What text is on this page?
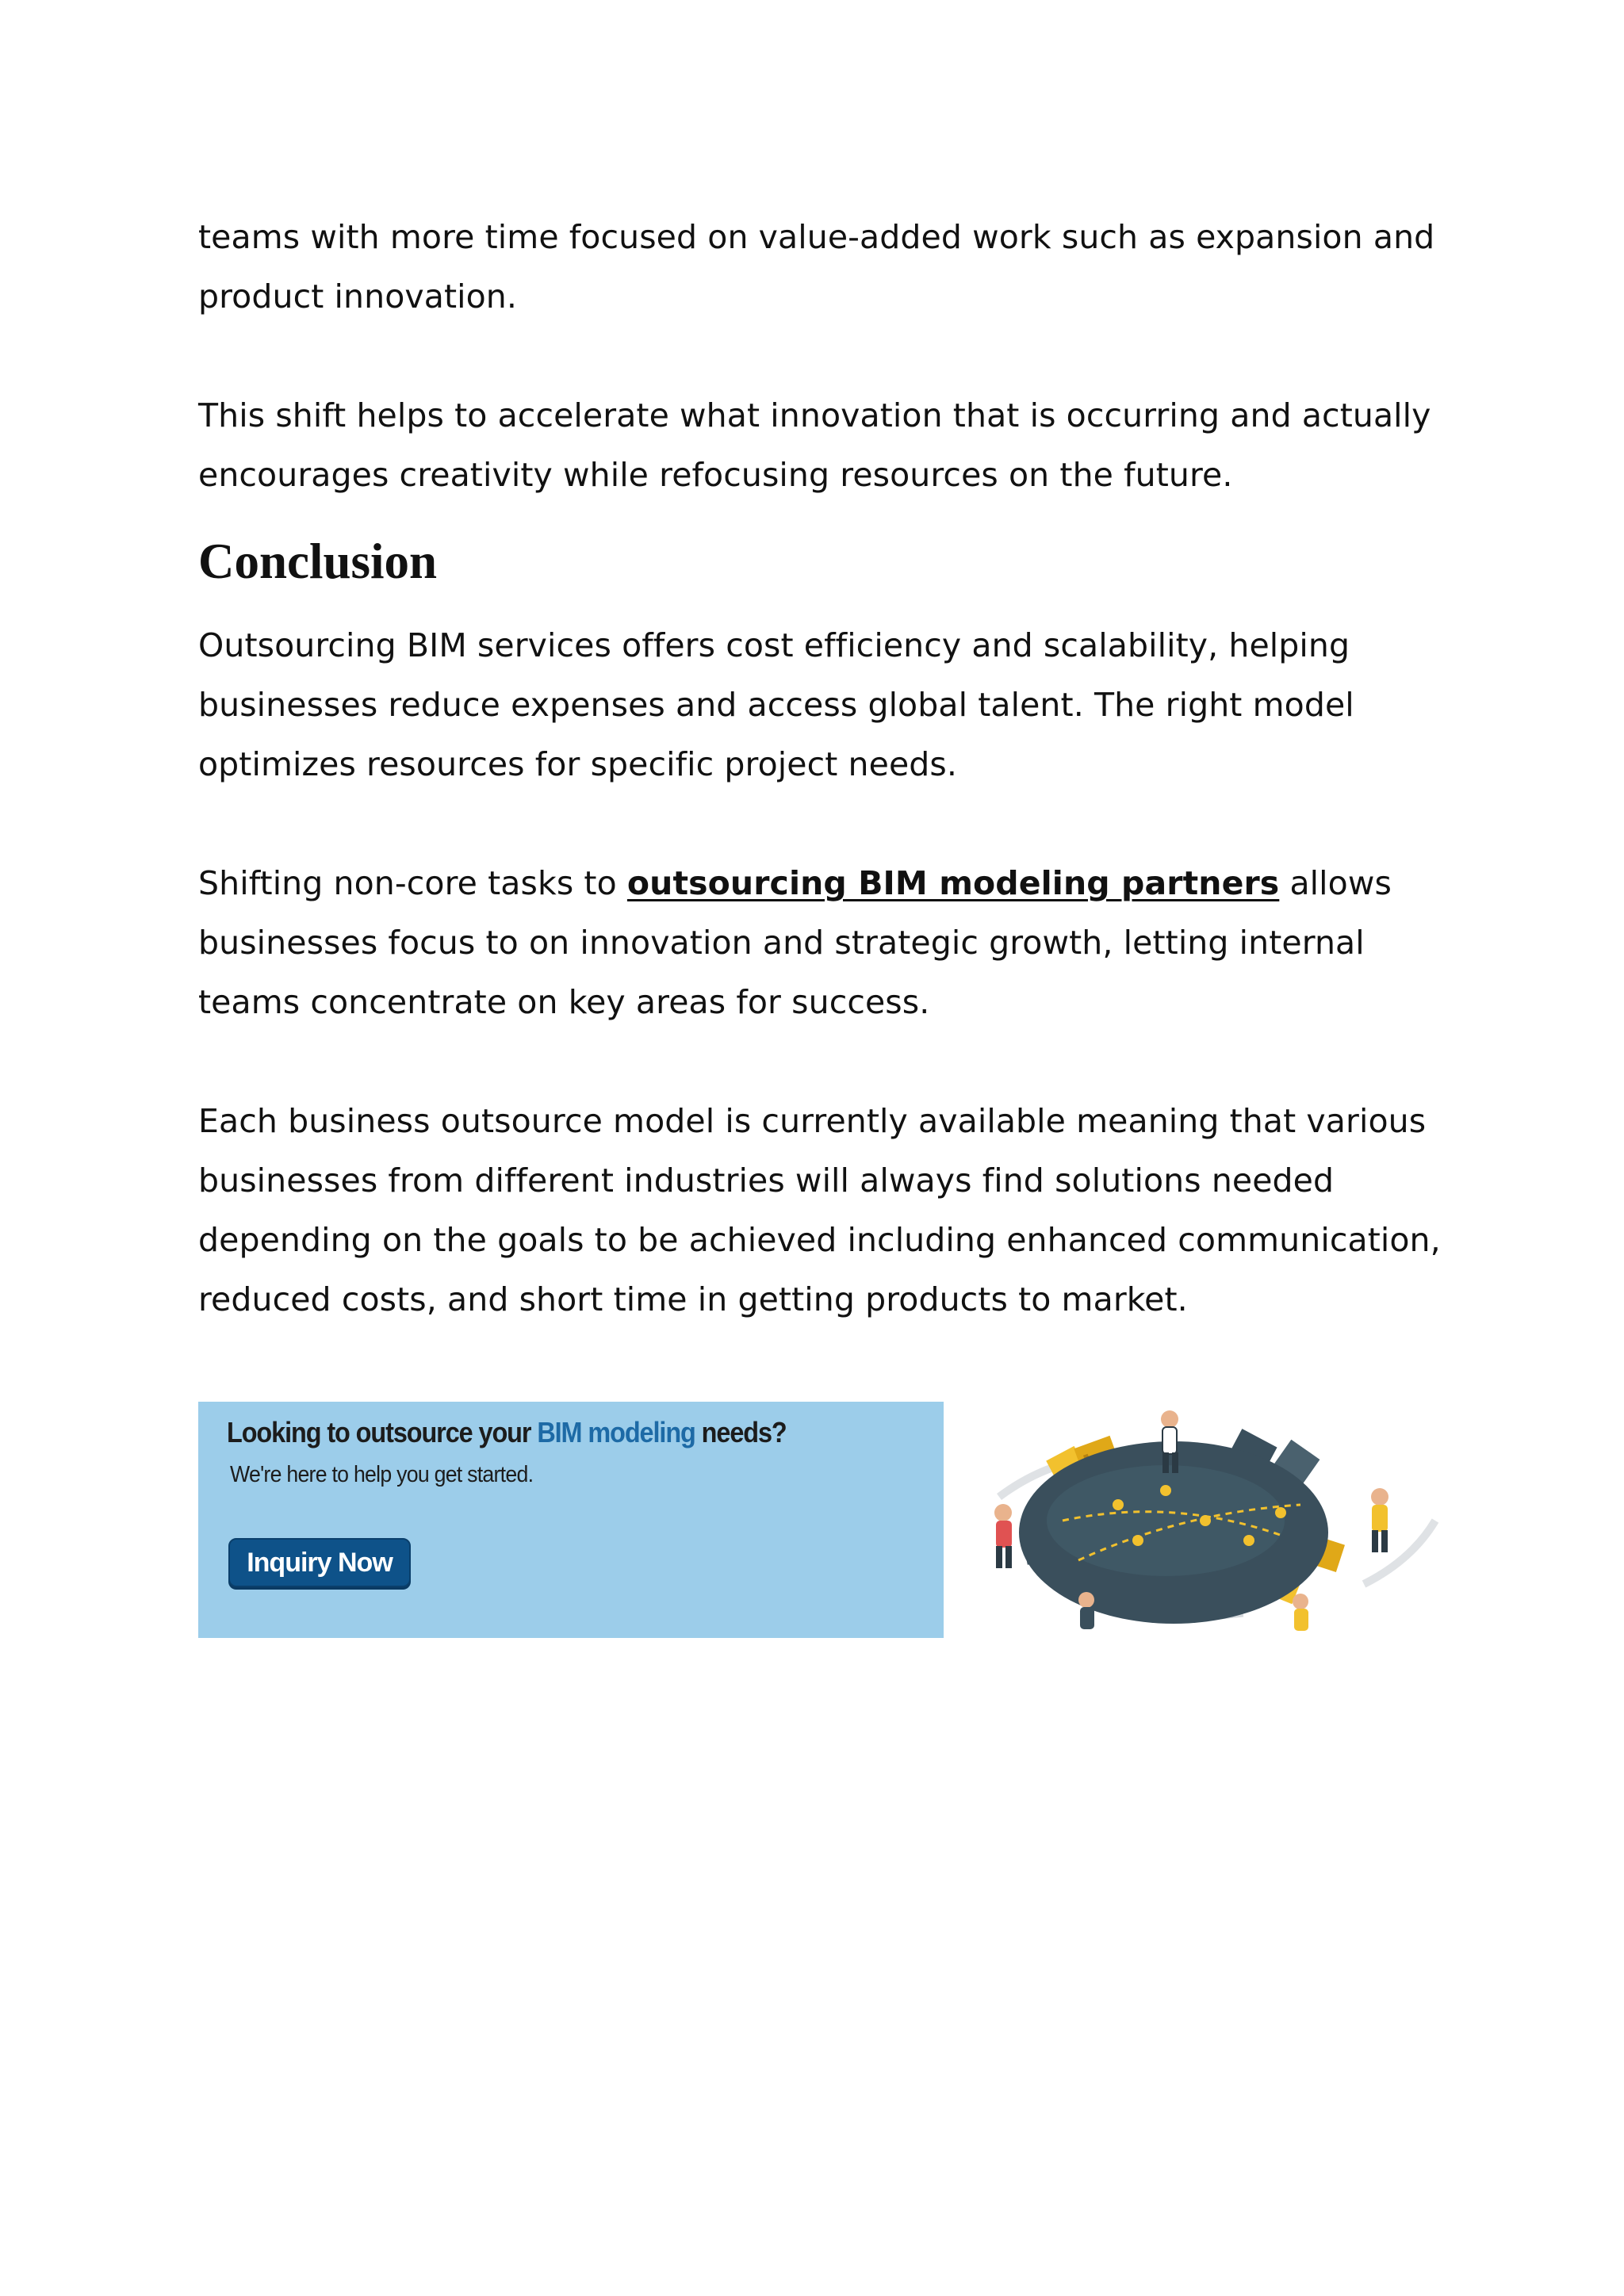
teams with more time focused on value-added work such as expansion and product innovation.

This shift helps to accelerate what innovation that is occurring and actually encourages creativity while refocusing resources on the future.

Conclusion

Outsourcing BIM services offers cost efficiency and scalability, helping businesses reduce expenses and access global talent. The right model optimizes resources for specific project needs.

Shifting non-core tasks to outsourcing BIM modeling partners allows businesses focus to on innovation and strategic growth, letting internal teams concentrate on key areas for success.

Each business outsource model is currently available meaning that various businesses from different industries will always find solutions needed depending on the goals to be achieved including enhanced communication, reduced costs, and short time in getting products to market.

Looking to outsource your BIM modeling needs?
We're here to help you get started.
Inquiry Now
